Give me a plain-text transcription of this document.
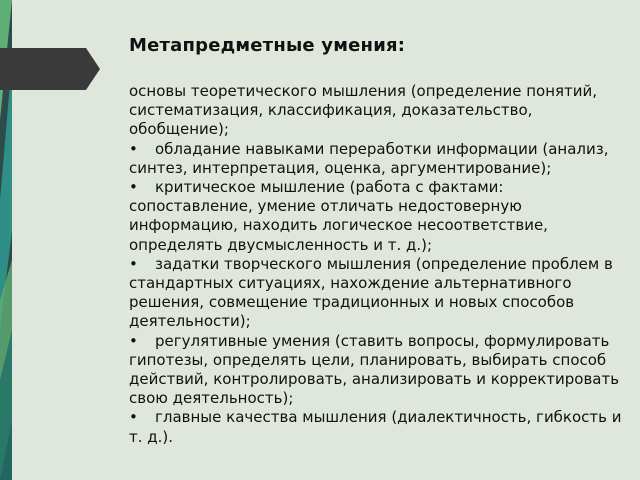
Метапредметные умения:

основы теоретического мышления (определение понятий, систематизация, классификация, доказательство, обобщение);

• обладание навыками переработки информации (анализ, синтез, интерпретация, оценка, аргументирование);

• критическое мышление (работа с фактами: сопоставление, умение отличать недостоверную информацию, находить логическое несоответствие, определять двусмысленность и т. д.);

• задатки творческого мышления (определение проблем в стандартных ситуациях, нахождение альтернативного решения, совмещение традиционных и новых способов деятельности);

• регулятивные умения (ставить вопросы, формулировать гипотезы, определять цели, планировать, выбирать способ действий, контролировать, анализировать и корректировать свою деятельность);

• главные качества мышления (диалектичность, гибкость и т. д.).
